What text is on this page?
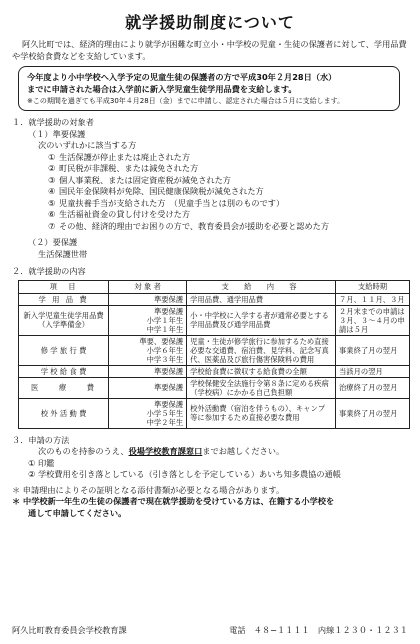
就学援助制度について
阿久比町では、経済的理由により就学が困難な町立小・中学校の児童・生徒の保護者に対して、学用品費や学校給食費などを支給しています。
今年度より小中学校へ入学予定の児童生徒の保護者の方で平成30年２月28日（水）
までに申請された場合は入学前に新入学児童生徒学用品費を支給します。
※この期間を過ぎても平成30年４月28日（金）までに申請し、認定された場合は５月に支給します。
１．就学援助の対象者
（１）準要保護
次のいずれかに該当する方
① 生活保護が停止または廃止された方
② 町民税が非課税、または減免された方
③ 個人事業税、または固定資産税が減免された方
④ 国民年金保険料が免除、国民健康保険税が減免された方
⑤ 児童扶養手当が支給された方　（児童手当とは別のものです）
⑥ 生活福祉資金の貸し付けを受けた方
⑦ その他、経済的理由でお困りの方で、教育委員会が援助を必要と認めた方
（２）要保護
生活保護世帯
２．就学援助の内容
項　目	対 象 者	支　給　内　容	支給時期
学 用 品 費	準要保護	学用品費、通学用品費	７月、１１月、３月
新入学児童生徒学用品費（入学準備金）	準要保護
小学１年生
中学１年生	小・中学校に入学する者が通常必要とする学用品費及び通学用品費	２月末までの申請は３月、３〜４月の申請は５月
修 学 旅 行 費	準要、要保護
小学６年生
中学３年生	児童・生徒が修学旅行に参加するため直接必要な交通費、宿泊費、見学料、記念写真代、医薬品及び旅行傷害保険料の費用	事業終了月の翌月
学 校 給 食 費	準要保護	学校給食費に徴収する給食費の全額	当該月の翌月
医　　療　　費	準要保護	学校保健安全法施行令第８条に定める疾病（学校病）にかかる自己負担額	治療終了月の翌月
校 外 活 動 費	準要保護
小学５年生
中学２年生	校外活動費（宿泊を伴うもの）、キャンプ等に参加するため直接必要な費用	事業終了月の翌月
３．申請の方法
次のものを持参のうえ、役場学校教育課窓口までお越しください。
① 印鑑
② 学校費用を引き落としている（引き落としを予定している）あいち知多農協の通帳
＊ 申請理由によりその証明となる添付書類が必要となる場合があります。
＊ 中学校新一年生の生徒の保護者で現在就学援助を受けている方は、在籍する小学校を
通して申請してください。
阿久比町教育委員会学校教育課	電話　４８−１１１１　内線１２３０・１２３１
